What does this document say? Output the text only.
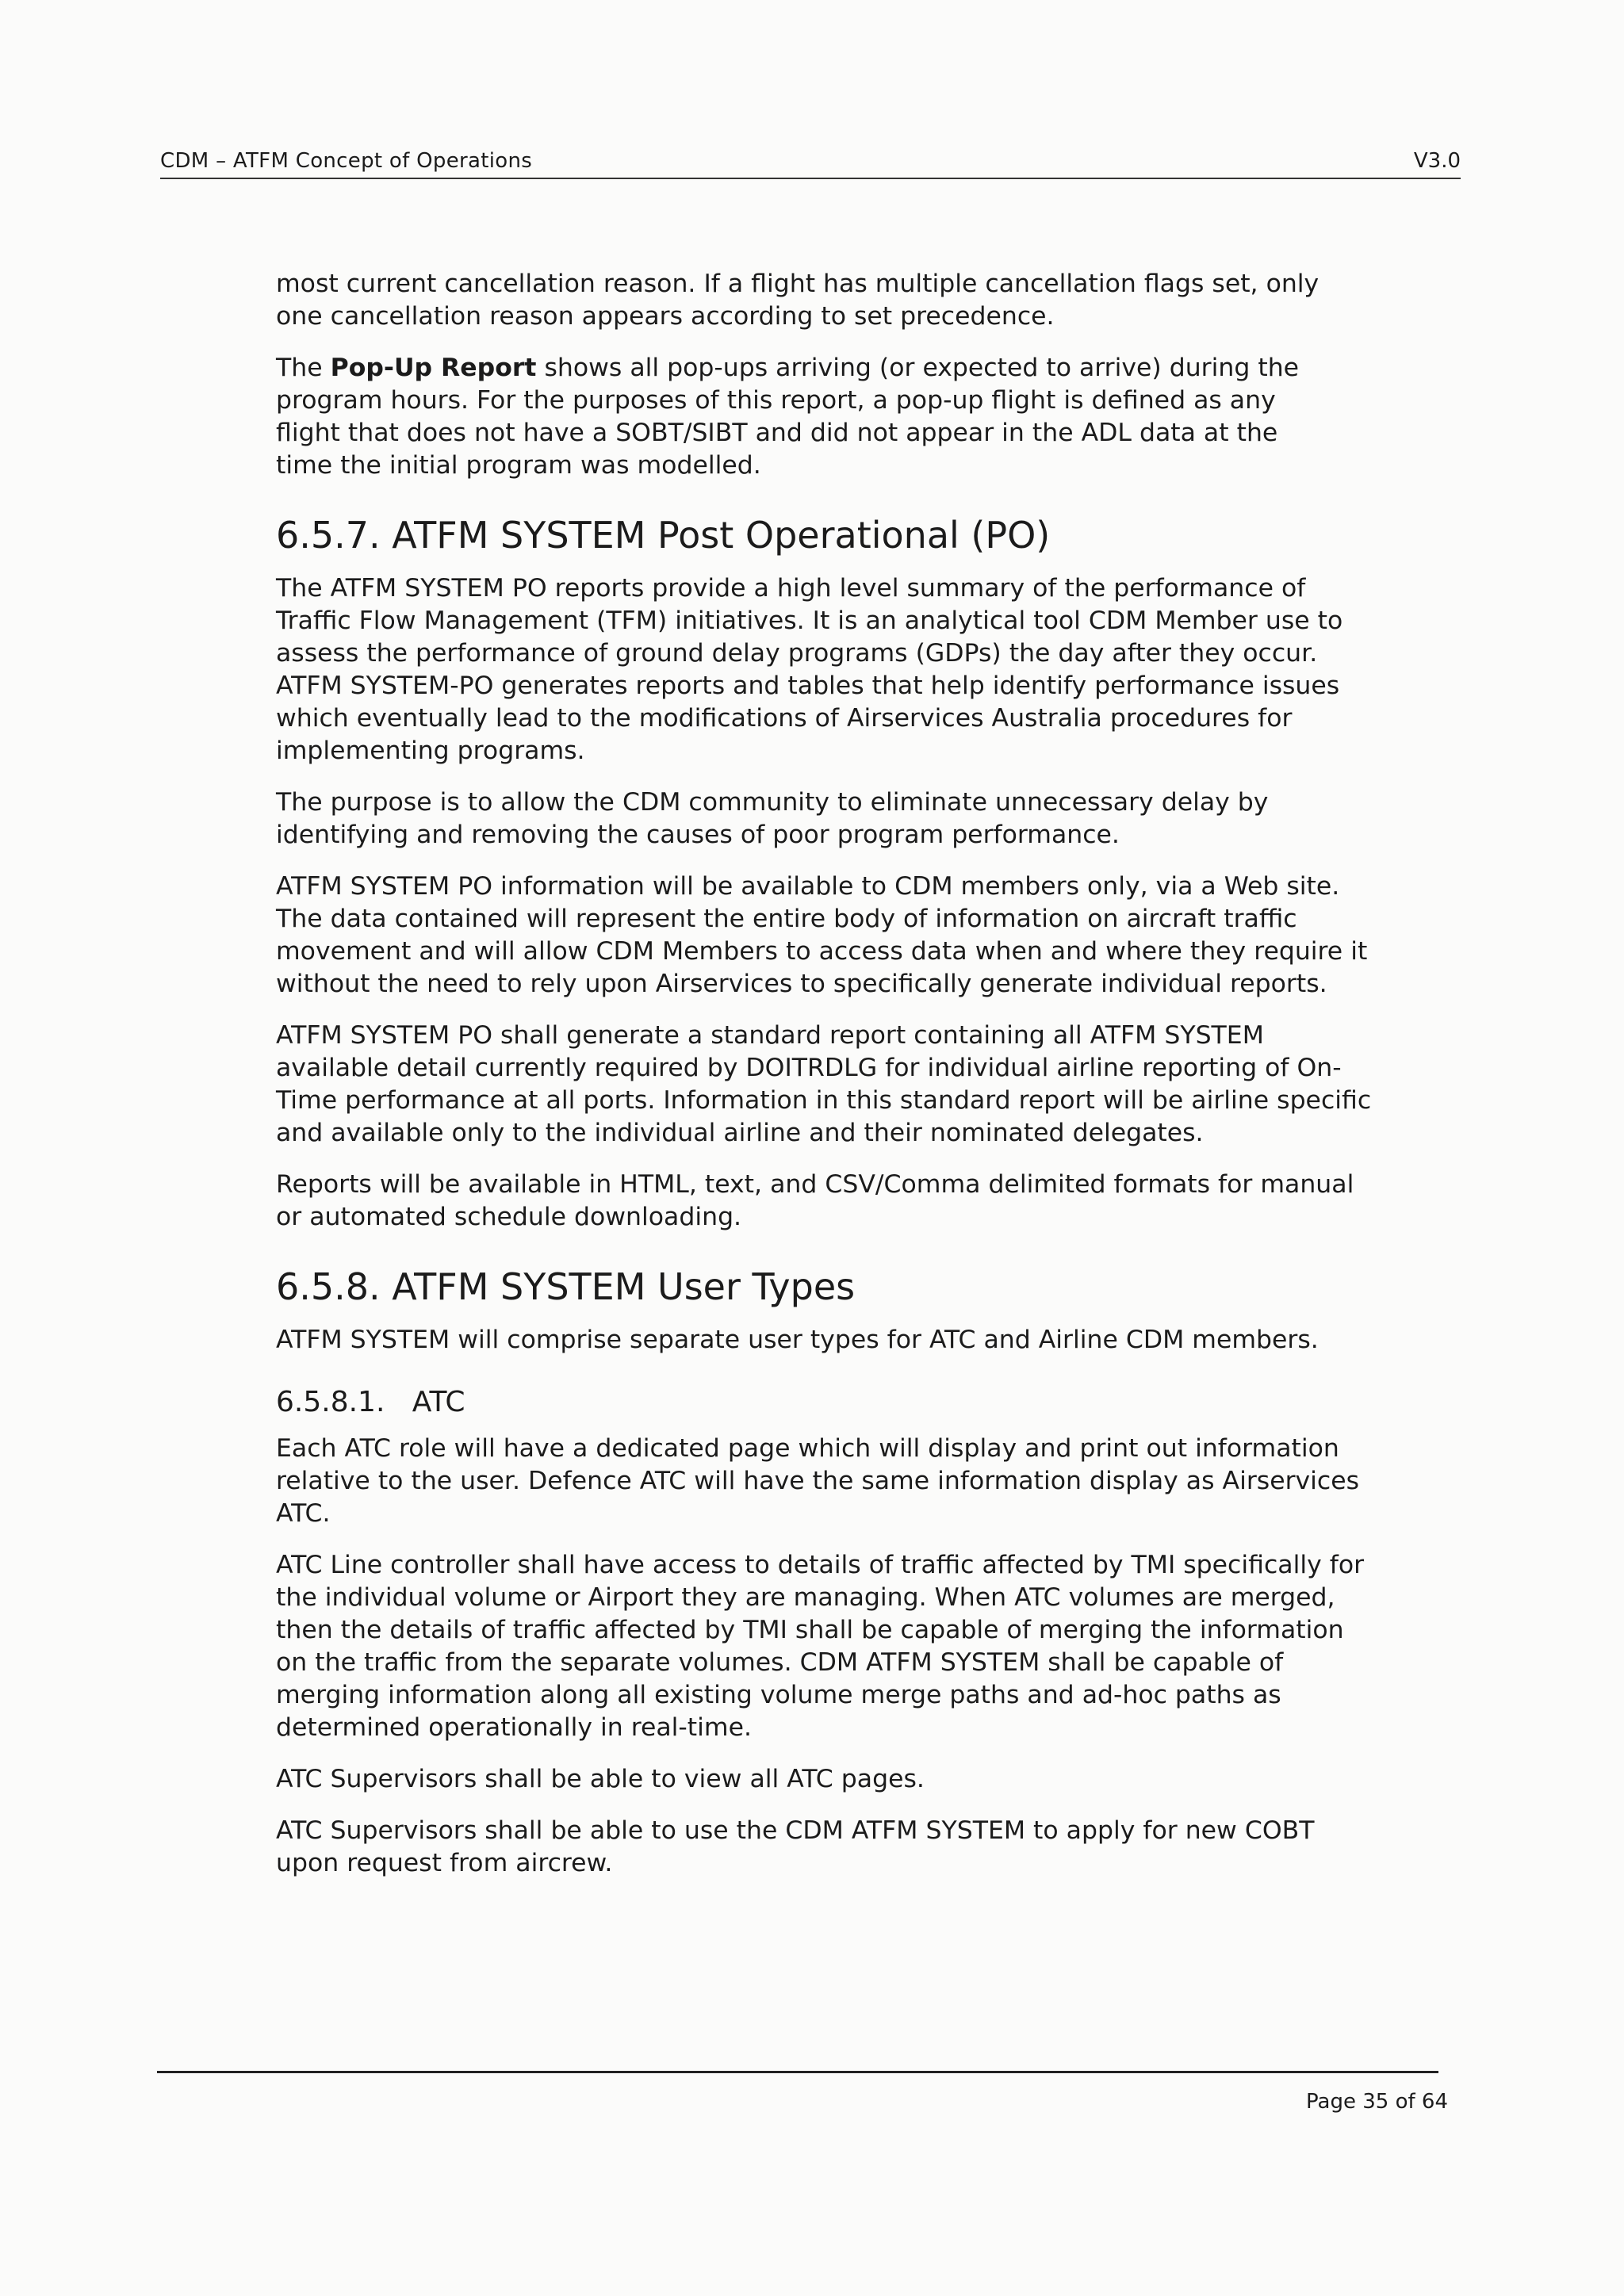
CDM – ATFM Concept of Operations	V3.0

most current cancellation reason. If a flight has multiple cancellation flags set, only
one cancellation reason appears according to set precedence.

The Pop-Up Report shows all pop-ups arriving (or expected to arrive) during the
program hours. For the purposes of this report, a pop-up flight is defined as any
flight that does not have a SOBT/SIBT and did not appear in the ADL data at the
time the initial program was modelled.

6.5.7. ATFM SYSTEM Post Operational (PO)

The ATFM SYSTEM PO reports provide a high level summary of the performance of
Traffic Flow Management (TFM) initiatives. It is an analytical tool CDM Member use to
assess the performance of ground delay programs (GDPs) the day after they occur.
ATFM SYSTEM-PO generates reports and tables that help identify performance issues
which eventually lead to the modifications of Airservices Australia procedures for
implementing programs.

The purpose is to allow the CDM community to eliminate unnecessary delay by
identifying and removing the causes of poor program performance.

ATFM SYSTEM PO information will be available to CDM members only, via a Web site.
The data contained will represent the entire body of information on aircraft traffic
movement and will allow CDM Members to access data when and where they require it
without the need to rely upon Airservices to specifically generate individual reports.

ATFM SYSTEM PO shall generate a standard report containing all ATFM SYSTEM
available detail currently required by DOITRDLG for individual airline reporting of On-
Time performance at all ports. Information in this standard report will be airline specific
and available only to the individual airline and their nominated delegates.

Reports will be available in HTML, text, and CSV/Comma delimited formats for manual
or automated schedule downloading.

6.5.8. ATFM SYSTEM User Types

ATFM SYSTEM will comprise separate user types for ATC and Airline CDM members.

6.5.8.1.   ATC

Each ATC role will have a dedicated page which will display and print out information
relative to the user. Defence ATC will have the same information display as Airservices
ATC.

ATC Line controller shall have access to details of traffic affected by TMI specifically for
the individual volume or Airport they are managing. When ATC volumes are merged,
then the details of traffic affected by TMI shall be capable of merging the information
on the traffic from the separate volumes. CDM ATFM SYSTEM shall be capable of
merging information along all existing volume merge paths and ad-hoc paths as
determined operationally in real-time.

ATC Supervisors shall be able to view all ATC pages.

ATC Supervisors shall be able to use the CDM ATFM SYSTEM to apply for new COBT
upon request from aircrew.

Page 35 of 64
